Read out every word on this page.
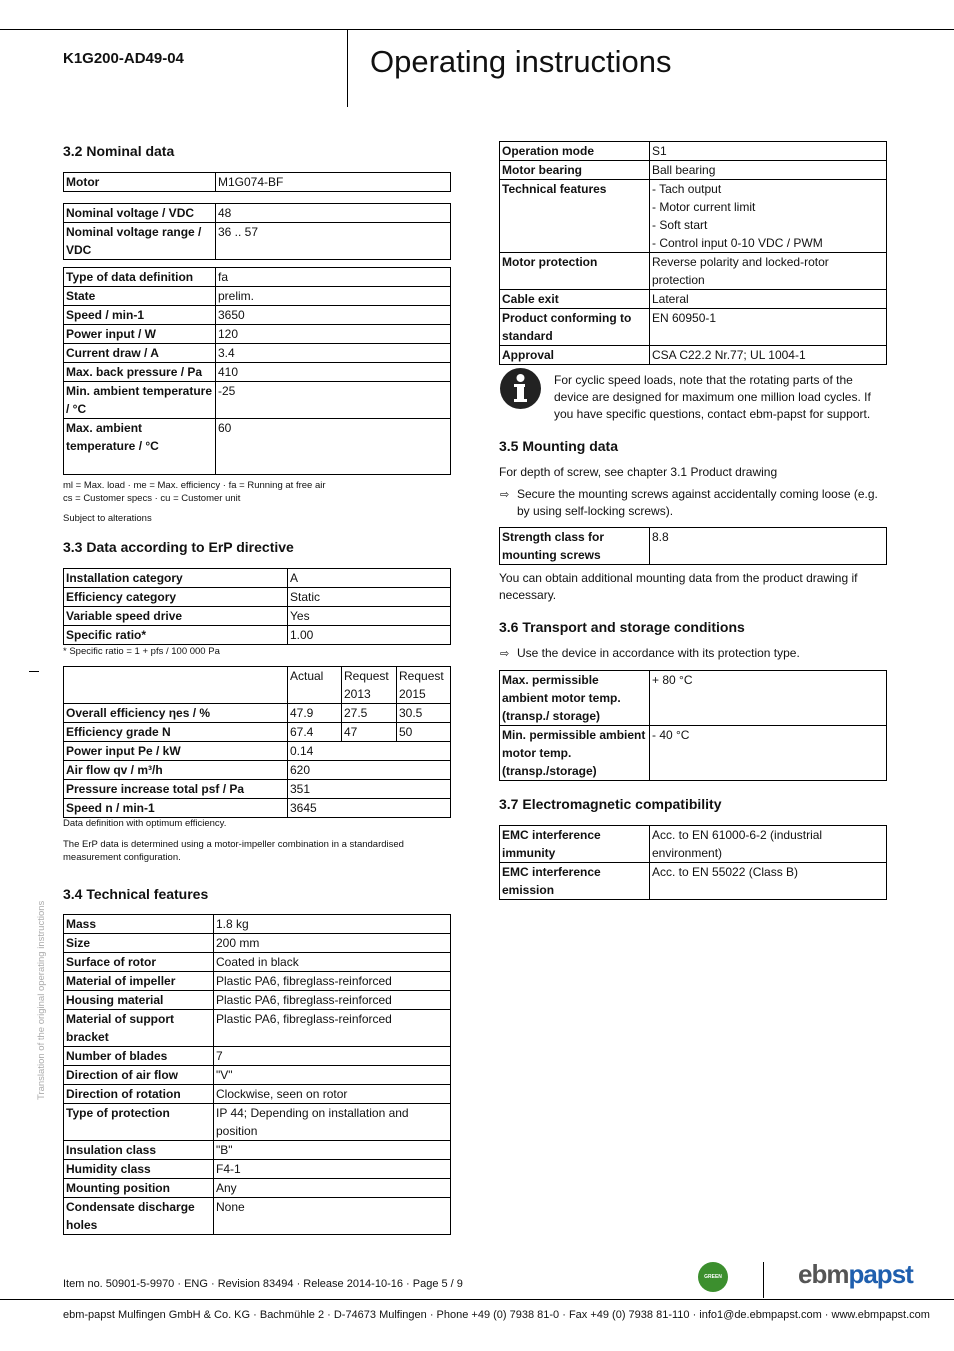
K1G200-AD49-04	Operating instructions
Translation of the original operating instructions
3.2 Nominal data
Motor	M1G074-BF
Nominal voltage / VDC	48
Nominal voltage range / VDC	36 .. 57
Type of data definition	fa
State	prelim.
Speed / min-1	3650
Power input / W	120
Current draw / A	3.4
Max. back pressure / Pa	410
Min. ambient temperature / °C	-25
Max. ambient temperature / °C	60
ml = Max. load · me = Max. efficiency · fa = Running at free air
cs = Customer specs · cu = Customer unit
Subject to alterations
3.3 Data according to ErP directive
Installation category	A
Efficiency category	Static
Variable speed drive	Yes
Specific ratio*	1.00
* Specific ratio = 1 + pfs / 100 000 Pa
	Actual	Request 2013	Request 2015
Overall efficiency ηes / %	47.9	27.5	30.5
Efficiency grade N	67.4	47	50
Power input Pe / kW	0.14		
Air flow qv / m³/h	620		
Pressure increase total psf / Pa	351		
Speed n / min-1	3645		
Data definition with optimum efficiency.
The ErP data is determined using a motor-impeller combination in a standardised measurement configuration.
3.4 Technical features
Mass	1.8 kg
Size	200 mm
Surface of rotor	Coated in black
Material of impeller	Plastic PA6, fibreglass-reinforced
Housing material	Plastic PA6, fibreglass-reinforced
Material of support bracket	Plastic PA6, fibreglass-reinforced
Number of blades	7
Direction of air flow	"V"
Direction of rotation	Clockwise, seen on rotor
Type of protection	IP 44; Depending on installation and position
Insulation class	"B"
Humidity class	F4-1
Mounting position	Any
Condensate discharge holes	None
Operation mode	S1
Motor bearing	Ball bearing
Technical features	- Tach output
- Motor current limit
- Soft start
- Control input 0-10 VDC / PWM
Motor protection	Reverse polarity and locked-rotor protection
Cable exit	Lateral
Product conforming to standard	EN 60950-1
Approval	CSA C22.2 Nr.77; UL 1004-1
For cyclic speed loads, note that the rotating parts of the device are designed for maximum one million load cycles. If you have specific questions, contact ebm-papst for support.
3.5 Mounting data
For depth of screw, see chapter 3.1 Product drawing
⇨ Secure the mounting screws against accidentally coming loose (e.g. by using self-locking screws).
Strength class for mounting screws	8.8
You can obtain additional mounting data from the product drawing if necessary.
3.6 Transport and storage conditions
⇨ Use the device in accordance with its protection type.
Max. permissible ambient motor temp. (transp./ storage)	+ 80 °C
Min. permissible ambient motor temp. (transp./storage)	- 40 °C
3.7 Electromagnetic compatibility
EMC interference immunity	Acc. to EN 61000-6-2 (industrial environment)
EMC interference emission	Acc. to EN 55022 (Class B)
Item no. 50901-5-9970 · ENG · Revision 83494 · Release 2014-10-16 · Page 5 / 9
GREEN TECH
ebmpapst
ebm-papst Mulfingen GmbH & Co. KG · Bachmühle 2 · D-74673 Mulfingen · Phone +49 (0) 7938 81-0 · Fax +49 (0) 7938 81-110 · info1@de.ebmpapst.com · www.ebmpapst.com
